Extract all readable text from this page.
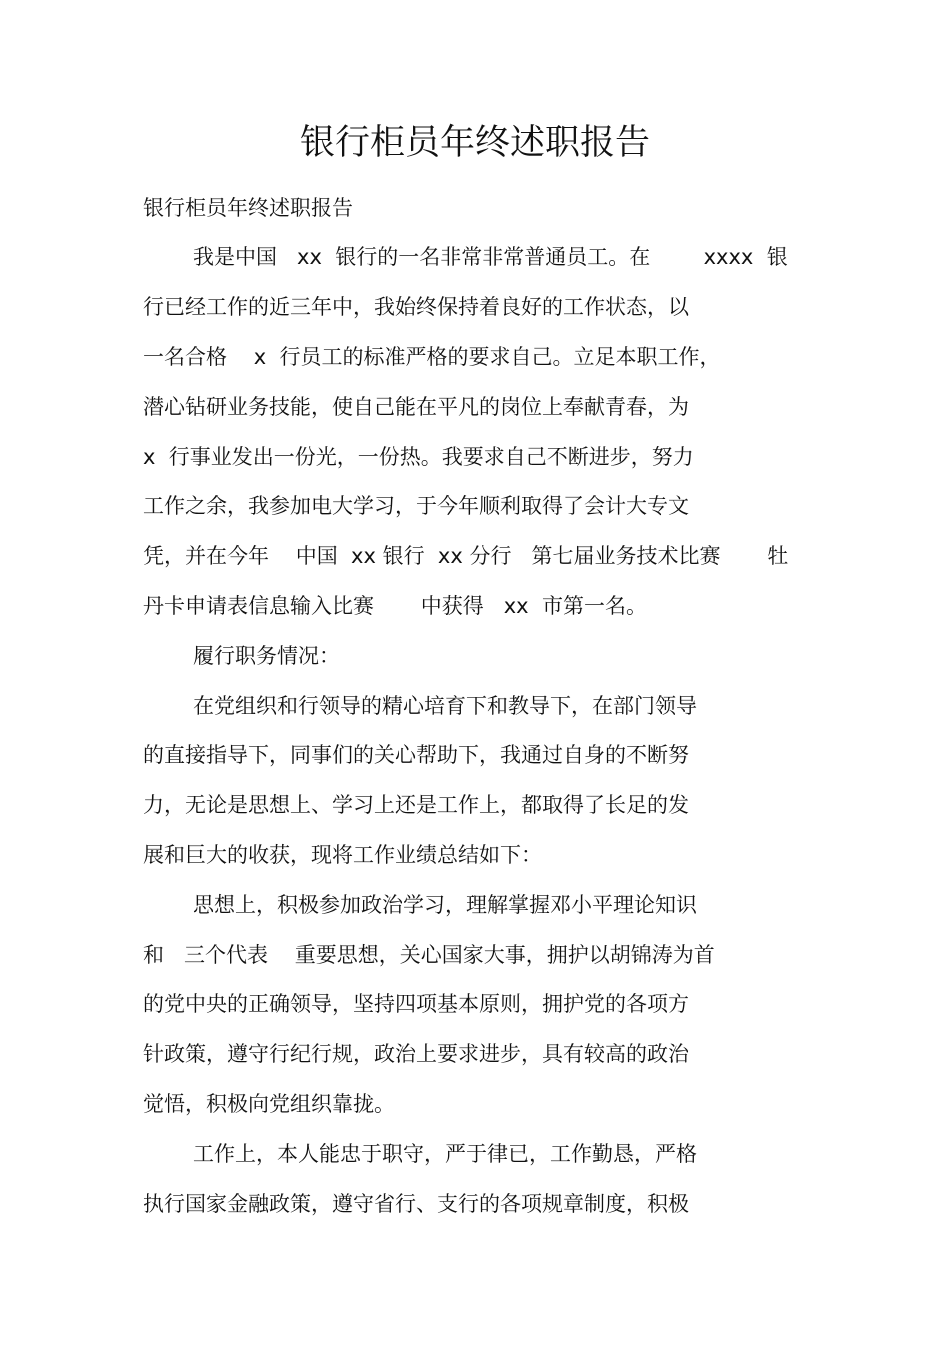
银行柜员年终述职报告
银行柜员年终述职报告
我是中国   xx  银行的一名非常非常普通员工。在        xxxx  银
行已经工作的近三年中，我始终保持着良好的工作状态，以
一名合格    x  行员工的标准严格的要求自己。立足本职工作，
潜心钻研业务技能，使自己能在平凡的岗位上奉献青春，为
x  行事业发出一份光，一份热。我要求自己不断进步，努力
工作之余，我参加电大学习，于今年顺利取得了会计大专文
凭，并在今年    中国  xx 银行  xx 分行   第七届业务技术比赛       牡
丹卡申请表信息输入比赛       中获得   xx  市第一名。
履行职务情况：
在党组织和行领导的精心培育下和教导下，在部门领导
的直接指导下，同事们的关心帮助下，我通过自身的不断努
力，无论是思想上、学习上还是工作上，都取得了长足的发
展和巨大的收获，现将工作业绩总结如下：
思想上，积极参加政治学习，理解掌握邓小平理论知识
和   三个代表    重要思想，关心国家大事，拥护以胡锦涛为首
的党中央的正确领导，坚持四项基本原则，拥护党的各项方
针政策，遵守行纪行规，政治上要求进步，具有较高的政治
觉悟，积极向党组织靠拢。
工作上，本人能忠于职守，严于律已，工作勤恳，严格
执行国家金融政策，遵守省行、支行的各项规章制度，积极
